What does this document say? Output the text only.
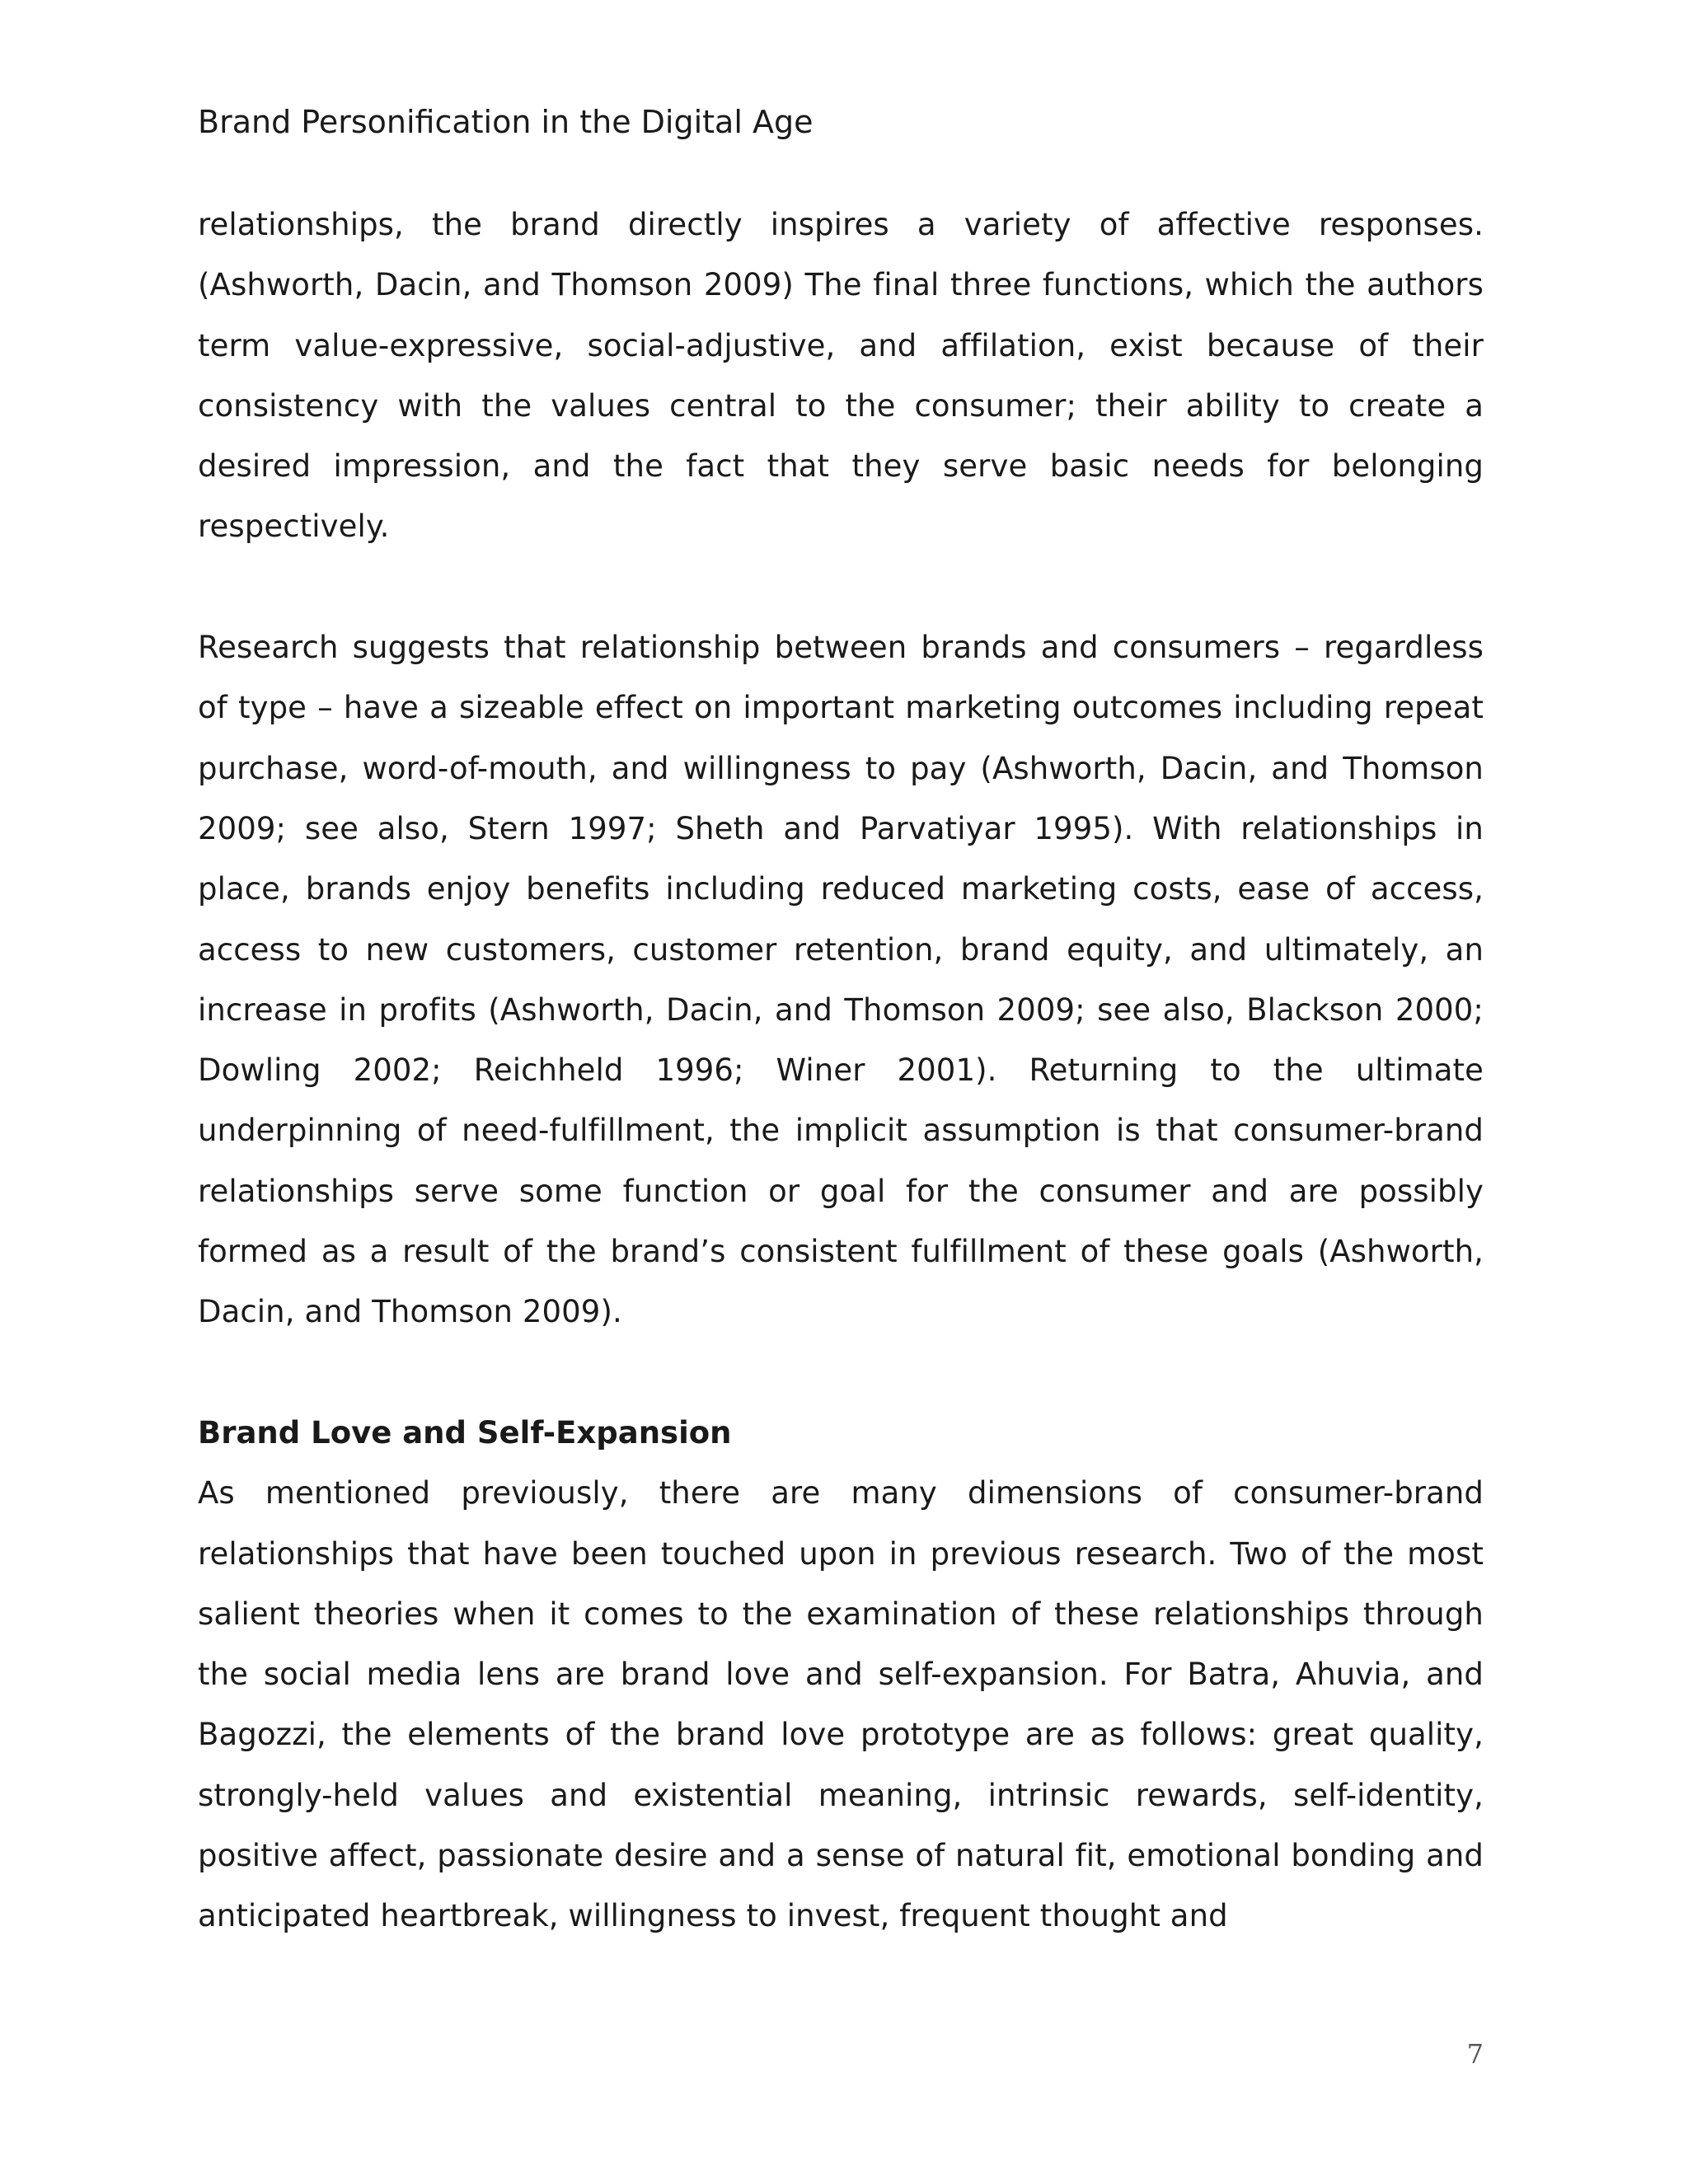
Brand Personification in the Digital Age

relationships, the brand directly inspires a variety of affective responses. (Ashworth, Dacin, and Thomson 2009) The final three functions, which the authors term value-expressive, social-adjustive, and affilation, exist because of their consistency with the values central to the consumer; their ability to create a desired impression, and the fact that they serve basic needs for belonging respectively.

Research suggests that relationship between brands and consumers – regardless of type – have a sizeable effect on important marketing outcomes including repeat purchase, word-of-mouth, and willingness to pay (Ashworth, Dacin, and Thomson 2009; see also, Stern 1997; Sheth and Parvatiyar 1995). With relationships in place, brands enjoy benefits including reduced marketing costs, ease of access, access to new customers, customer retention, brand equity, and ultimately, an increase in profits (Ashworth, Dacin, and Thomson 2009; see also, Blackson 2000; Dowling 2002; Reichheld 1996; Winer 2001). Returning to the ultimate underpinning of need-fulfillment, the implicit assumption is that consumer-brand relationships serve some function or goal for the consumer and are possibly formed as a result of the brand’s consistent fulfillment of these goals (Ashworth, Dacin, and Thomson 2009).

Brand Love and Self-Expansion

As mentioned previously, there are many dimensions of consumer-brand relationships that have been touched upon in previous research. Two of the most salient theories when it comes to the examination of these relationships through the social media lens are brand love and self-expansion. For Batra, Ahuvia, and Bagozzi, the elements of the brand love prototype are as follows: great quality, strongly-held values and existential meaning, intrinsic rewards, self-identity, positive affect, passionate desire and a sense of natural fit, emotional bonding and anticipated heartbreak, willingness to invest, frequent thought and

7
